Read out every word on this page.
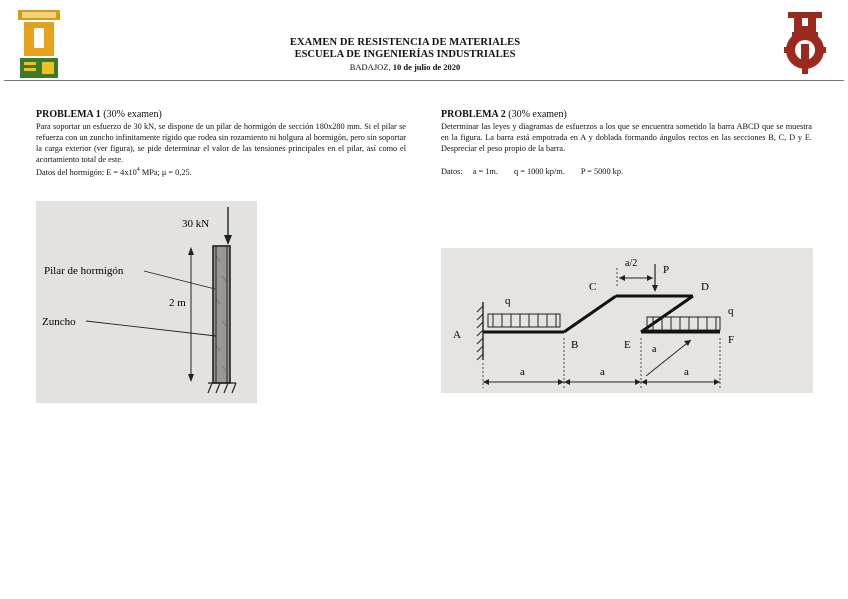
EXAMEN DE RESISTENCIA DE MATERIALES
ESCUELA DE INGENIERÍAS INDUSTRIALES
BADAJOZ, 10 de julio de 2020
PROBLEMA 1 (30% examen)
Para soportar un esfuerzo de 30 kN, se dispone de un pilar de hormigón de sección 180x280 mm. Si el pilar se refuerza con un zuncho infinitamente rígido que rodea sin rozamiento ni holgura al hormigón, pero sin soportar la carga exterior (ver figura), se pide determinar el valor de las tensiones principales en el pilar, así como el acortamiento total de este.
Datos del hormigón: $E = 4x10^4$ MPa; μ = 0,25.
30 kN
2 m
Pilar de hormigón
Zuncho
PROBLEMA 2 (30% examen)
Determinar las leyes y diagramas de esfuerzos a los que se encuentra sometido la barra ABCD que se muestra en la figura. La barra está empotrada en A y doblada formando ángulos rectos en las secciones B, C, D y E. Despreciar el peso propio de la barra.
Datos: a = 1m. q = 1000 kp/m. P = 5000 kp.
A
B
C	D
E	F
P
q
q
a/2
a
a	a	a
